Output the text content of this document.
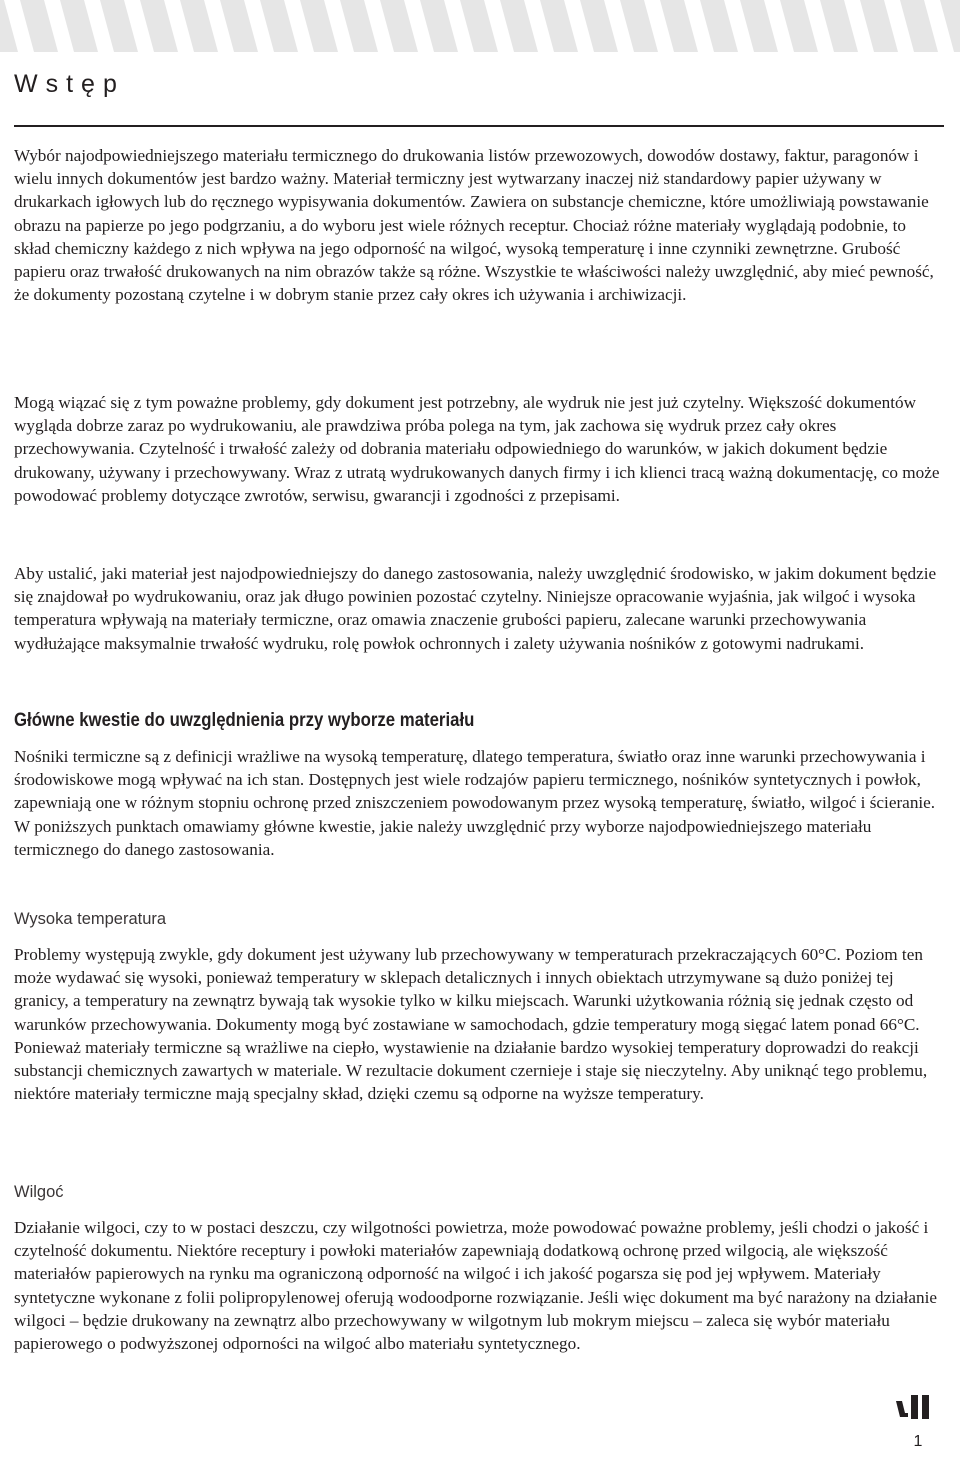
Wstęp

Wybór najodpowiedniejszego materiału termicznego do drukowania listów przewozowych, dowodów dostawy, faktur, paragonów i wielu innych dokumentów jest bardzo ważny. Materiał termiczny jest wytwarzany inaczej niż standardowy papier używany w drukarkach igłowych lub do ręcznego wypisywania dokumentów. Zawiera on substancje chemiczne, które umożliwiają powstawanie obrazu na papierze po jego podgrzaniu, a do wyboru jest wiele różnych receptur. Chociaż różne materiały wyglądają podobnie, to skład chemiczny każdego z nich wpływa na jego odporność na wilgoć, wysoką temperaturę i inne czynniki zewnętrzne. Grubość papieru oraz trwałość drukowanych na nim obrazów także są różne. Wszystkie te właściwości należy uwzględnić, aby mieć pewność, że dokumenty pozostaną czytelne i w dobrym stanie przez cały okres ich używania i archiwizacji.

Mogą wiązać się z tym poważne problemy, gdy dokument jest potrzebny, ale wydruk nie jest już czytelny. Większość dokumentów wygląda dobrze zaraz po wydrukowaniu, ale prawdziwa próba polega na tym, jak zachowa się wydruk przez cały okres przechowywania. Czytelność i trwałość zależy od dobrania materiału odpowiedniego do warunków, w jakich dokument będzie drukowany, używany i przechowywany. Wraz z utratą wydrukowanych danych firmy i ich klienci tracą ważną dokumentację, co może powodować problemy dotyczące zwrotów, serwisu, gwarancji i zgodności z przepisami.

Aby ustalić, jaki materiał jest najodpowiedniejszy do danego zastosowania, należy uwzględnić środowisko, w jakim dokument będzie się znajdował po wydrukowaniu, oraz jak długo powinien pozostać czytelny. Niniejsze opracowanie wyjaśnia, jak wilgoć i wysoka temperatura wpływają na materiały termiczne, oraz omawia znaczenie grubości papieru, zalecane warunki przechowywania wydłużające maksymalnie trwałość wydruku, rolę powłok ochronnych i zalety używania nośników z gotowymi nadrukami.

Główne kwestie do uwzględnienia przy wyborze materiału

Nośniki termiczne są z definicji wrażliwe na wysoką temperaturę, dlatego temperatura, światło oraz inne warunki przechowywania i środowiskowe mogą wpływać na ich stan. Dostępnych jest wiele rodzajów papieru termicznego, nośników syntetycznych i powłok, zapewniają one w różnym stopniu ochronę przed zniszczeniem powodowanym przez wysoką temperaturę, światło, wilgoć i ścieranie. W poniższych punktach omawiamy główne kwestie, jakie należy uwzględnić przy wyborze najodpowiedniejszego materiału termicznego do danego zastosowania.

Wysoka temperatura

Problemy występują zwykle, gdy dokument jest używany lub przechowywany w temperaturach przekraczających 60°C. Poziom ten może wydawać się wysoki, ponieważ temperatury w sklepach detalicznych i innych obiektach utrzymywane są dużo poniżej tej granicy, a temperatury na zewnątrz bywają tak wysokie tylko w kilku miejscach. Warunki użytkowania różnią się jednak często od warunków przechowywania. Dokumenty mogą być zostawiane w samochodach, gdzie temperatury mogą sięgać latem ponad 66°C. Ponieważ materiały termiczne są wrażliwe na ciepło, wystawienie na działanie bardzo wysokiej temperatury doprowadzi do reakcji substancji chemicznych zawartych w materiale. W rezultacie dokument czernieje i staje się nieczytelny. Aby uniknąć tego problemu, niektóre materiały termiczne mają specjalny skład, dzięki czemu są odporne na wyższe temperatury.

Wilgoć

Działanie wilgoci, czy to w postaci deszczu, czy wilgotności powietrza, może powodować poważne problemy, jeśli chodzi o jakość i czytelność dokumentu. Niektóre receptury i powłoki materiałów zapewniają dodatkową ochronę przed wilgocią, ale większość materiałów papierowych na rynku ma ograniczoną odporność na wilgoć i ich jakość pogarsza się pod jej wpływem. Materiały syntetyczne wykonane z folii polipropylenowej oferują wodoodporne rozwiązanie. Jeśli więc dokument ma być narażony na działanie wilgoci – będzie drukowany na zewnątrz albo przechowywany w wilgotnym lub mokrym miejscu – zaleca się wybór materiału papierowego o podwyższonej odporności na wilgoć albo materiału syntetycznego.

1
